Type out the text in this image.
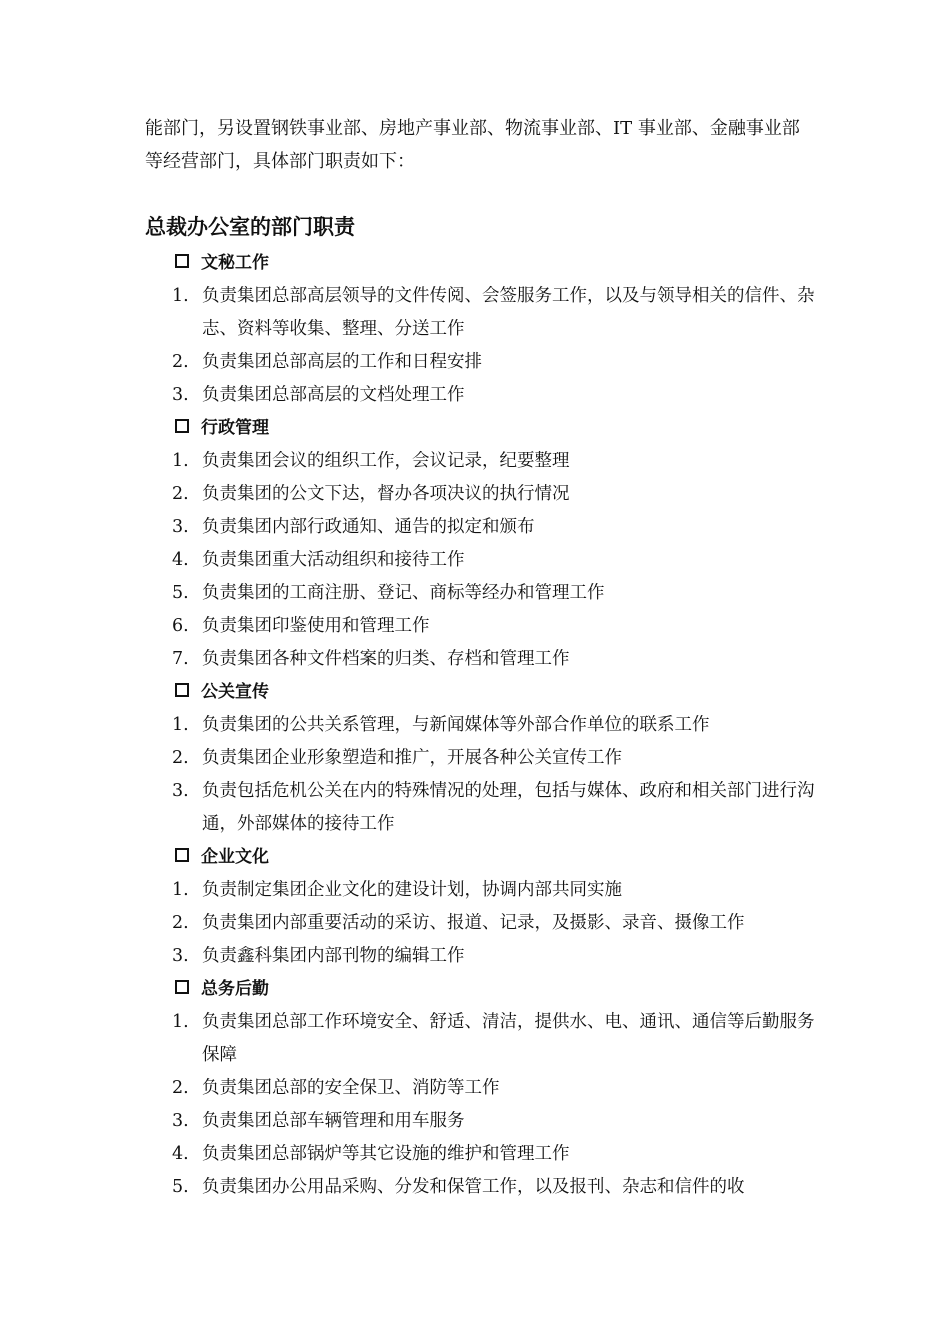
能部门，另设置钢铁事业部、房地产事业部、物流事业部、IT 事业部、金融事业部等经营部门，具体部门职责如下：

总裁办公室的部门职责
文秘工作
1. 负责集团总部高层领导的文件传阅、会签服务工作，以及与领导相关的信件、杂志、资料等收集、整理、分送工作
2. 负责集团总部高层的工作和日程安排
3. 负责集团总部高层的文档处理工作
行政管理
1. 负责集团会议的组织工作，会议记录，纪要整理
2. 负责集团的公文下达，督办各项决议的执行情况
3. 负责集团内部行政通知、通告的拟定和颁布
4. 负责集团重大活动组织和接待工作
5. 负责集团的工商注册、登记、商标等经办和管理工作
6. 负责集团印鉴使用和管理工作
7. 负责集团各种文件档案的归类、存档和管理工作
公关宣传
1. 负责集团的公共关系管理，与新闻媒体等外部合作单位的联系工作
2. 负责集团企业形象塑造和推广，开展各种公关宣传工作
3. 负责包括危机公关在内的特殊情况的处理，包括与媒体、政府和相关部门进行沟通，外部媒体的接待工作
企业文化
1. 负责制定集团企业文化的建设计划，协调内部共同实施
2. 负责集团内部重要活动的采访、报道、记录，及摄影、录音、摄像工作
3. 负责鑫科集团内部刊物的编辑工作
总务后勤
1. 负责集团总部工作环境安全、舒适、清洁，提供水、电、通讯、通信等后勤服务保障
2. 负责集团总部的安全保卫、消防等工作
3. 负责集团总部车辆管理和用车服务
4. 负责集团总部锅炉等其它设施的维护和管理工作
5. 负责集团办公用品采购、分发和保管工作，以及报刊、杂志和信件的收
